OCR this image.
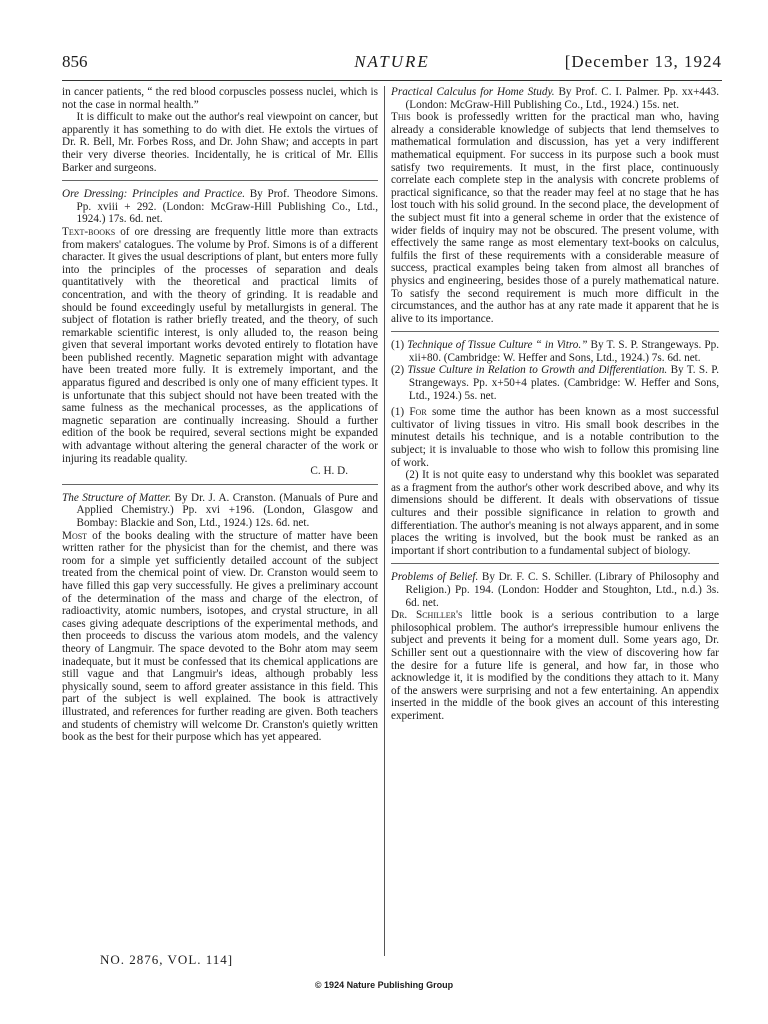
856	NATURE	[December 13, 1924

in cancer patients, “ the red blood corpuscles possess nuclei, which is not the case in normal health.”

It is difficult to make out the author's real viewpoint on cancer, but apparently it has something to do with diet. He extols the virtues of Dr. R. Bell, Mr. Forbes Ross, and Dr. John Shaw; and accepts in part their very diverse theories. Incidentally, he is critical of Mr. Ellis Barker and surgeons.

Ore Dressing: Principles and Practice. By Prof. Theodore Simons. Pp. xviii + 292. (London: McGraw-Hill Publishing Co., Ltd., 1924.) 17s. 6d. net.

Text-books of ore dressing are frequently little more than extracts from makers' catalogues. The volume by Prof. Simons is of a different character. It gives the usual descriptions of plant, but enters more fully into the principles of the processes of separation and deals quantitatively with the theoretical and practical limits of concentration, and with the theory of grinding. It is readable and should be found exceedingly useful by metallurgists in general. The subject of flotation is rather briefly treated, and the theory, of such remarkable scientific interest, is only alluded to, the reason being given that several important works devoted entirely to flotation have been published recently. Magnetic separation might with advantage have been treated more fully. It is extremely important, and the apparatus figured and described is only one of many efficient types. It is unfortunate that this subject should not have been treated with the same fulness as the mechanical processes, as the applications of magnetic separation are continually increasing. Should a further edition of the book be required, several sections might be expanded with advantage without altering the general character of the work or injuring its readable quality.

C. H. D.

The Structure of Matter. By Dr. J. A. Cranston. (Manuals of Pure and Applied Chemistry.) Pp. xvi +196. (London, Glasgow and Bombay: Blackie and Son, Ltd., 1924.) 12s. 6d. net.

Most of the books dealing with the structure of matter have been written rather for the physicist than for the chemist, and there was room for a simple yet sufficiently detailed account of the subject treated from the chemical point of view. Dr. Cranston would seem to have filled this gap very successfully. He gives a preliminary account of the determination of the mass and charge of the electron, of radioactivity, atomic numbers, isotopes, and crystal structure, in all cases giving adequate descriptions of the experimental methods, and then proceeds to discuss the various atom models, and the valency theory of Langmuir. The space devoted to the Bohr atom may seem inadequate, but it must be confessed that its chemical applications are still vague and that Langmuir's ideas, although probably less physically sound, seem to afford greater assistance in this field. This part of the subject is well explained. The book is attractively illustrated, and references for further reading are given. Both teachers and students of chemistry will welcome Dr. Cranston's quietly written book as the best for their purpose which has yet appeared.

Practical Calculus for Home Study. By Prof. C. I. Palmer. Pp. xx+443. (London: McGraw-Hill Publishing Co., Ltd., 1924.) 15s. net.

This book is professedly written for the practical man who, having already a considerable knowledge of subjects that lend themselves to mathematical formulation and discussion, has yet a very indifferent mathematical equipment. For success in its purpose such a book must satisfy two requirements. It must, in the first place, continuously correlate each complete step in the analysis with concrete problems of practical significance, so that the reader may feel at no stage that he has lost touch with his solid ground. In the second place, the development of the subject must fit into a general scheme in order that the existence of wider fields of inquiry may not be obscured. The present volume, with effectively the same range as most elementary text-books on calculus, fulfils the first of these requirements with a considerable measure of success, practical examples being taken from almost all branches of physics and engineering, besides those of a purely mathematical nature. To satisfy the second requirement is much more difficult in the circumstances, and the author has at any rate made it apparent that he is alive to its importance.

(1) Technique of Tissue Culture “ in Vitro.” By T. S. P. Strangeways. Pp. xii+80. (Cambridge: W. Heffer and Sons, Ltd., 1924.) 7s. 6d. net.

(2) Tissue Culture in Relation to Growth and Differentiation. By T. S. P. Strangeways. Pp. x+50+4 plates. (Cambridge: W. Heffer and Sons, Ltd., 1924.) 5s. net.

(1) For some time the author has been known as a most successful cultivator of living tissues in vitro. His small book describes in the minutest details his technique, and is a notable contribution to the subject; it is invaluable to those who wish to follow this promising line of work.

(2) It is not quite easy to understand why this booklet was separated as a fragment from the author's other work described above, and why its dimensions should be different. It deals with observations of tissue cultures and their possible significance in relation to growth and differentiation. The author's meaning is not always apparent, and in some places the writing is involved, but the book must be ranked as an important if short contribution to a fundamental subject of biology.

Problems of Belief. By Dr. F. C. S. Schiller. (Library of Philosophy and Religion.) Pp. 194. (London: Hodder and Stoughton, Ltd., n.d.) 3s. 6d. net.

Dr. Schiller's little book is a serious contribution to a large philosophical problem. The author's irrepressible humour enlivens the subject and prevents it being for a moment dull. Some years ago, Dr. Schiller sent out a questionnaire with the view of discovering how far the desire for a future life is general, and how far, in those who acknowledge it, it is modified by the conditions they attach to it. Many of the answers were surprising and not a few entertaining. An appendix inserted in the middle of the book gives an account of this interesting experiment.

NO. 2876, VOL. 114]
© 1924 Nature Publishing Group
